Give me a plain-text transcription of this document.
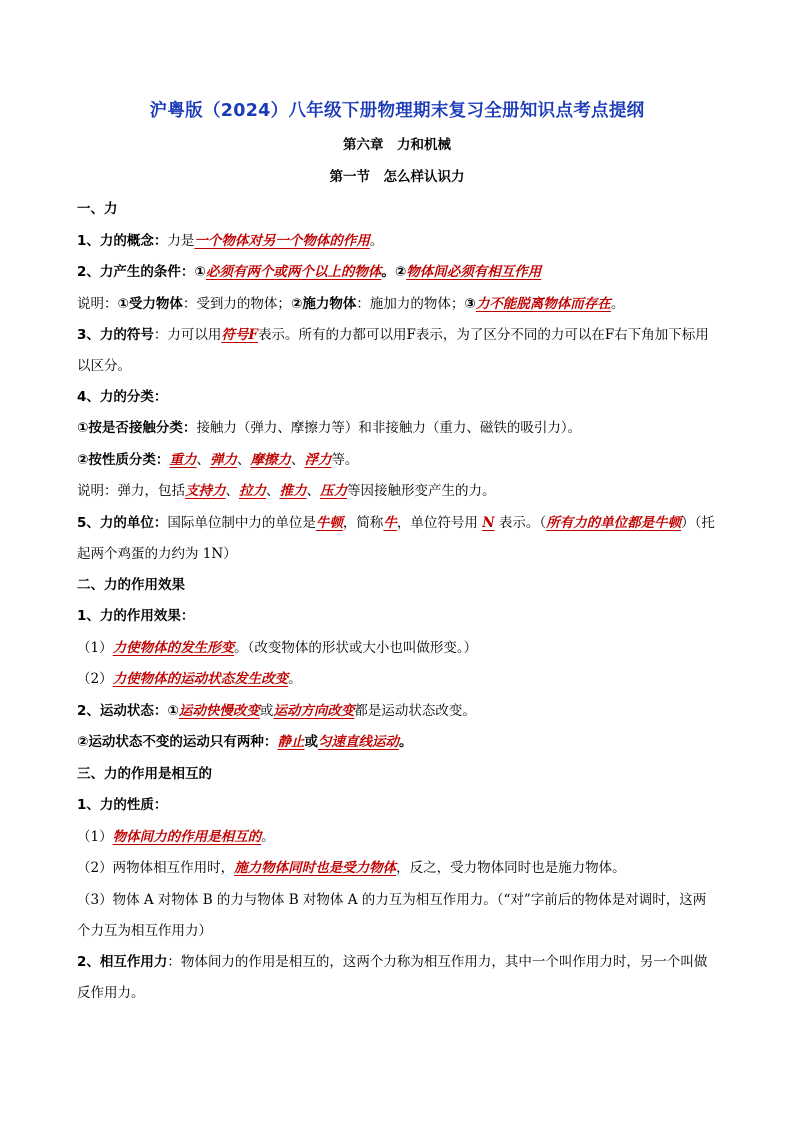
沪粤版（2024）八年级下册物理期末复习全册知识点考点提纲
第六章　力和机械
第一节　怎么样认识力

一、力

1、力的概念：力是一个物体对另一个物体的作用。

2、力产生的条件：①必须有两个或两个以上的物体。②物体间必须有相互作用

说明：①受力物体：受到力的物体；②施力物体：施加力的物体；③力不能脱离物体而存在。

3、力的符号：力可以用符号F表示。所有的力都可以用F表示，为了区分不同的力可以在F右下角加下标用以区分。

4、力的分类：

①按是否接触分类：接触力（弹力、摩擦力等）和非接触力（重力、磁铁的吸引力）。

②按性质分类：重力、弹力、摩擦力、浮力等。

说明：弹力，包括支持力、拉力、推力、压力等因接触形变产生的力。

5、力的单位：国际单位制中力的单位是牛顿，简称牛，单位符号用 N 表示。（所有力的单位都是牛顿）（托起两个鸡蛋的力约为 1N）

二、力的作用效果

1、力的作用效果：

（1）力使物体的发生形变。（改变物体的形状或大小也叫做形变。）

（2）力使物体的运动状态发生改变。

2、运动状态：①运动快慢改变或运动方向改变都是运动状态改变。

②运动状态不变的运动只有两种：静止或匀速直线运动。

三、力的作用是相互的

1、力的性质：

（1）物体间力的作用是相互的。

（2）两物体相互作用时，施力物体同时也是受力物体，反之，受力物体同时也是施力物体。

（3）物体 A 对物体 B 的力与物体 B 对物体 A 的力互为相互作用力。（“对”字前后的物体是对调时，这两个力互为相互作用力）

2、相互作用力：物体间力的作用是相互的，这两个力称为相互作用力，其中一个叫作用力时，另一个叫做反作用力。
